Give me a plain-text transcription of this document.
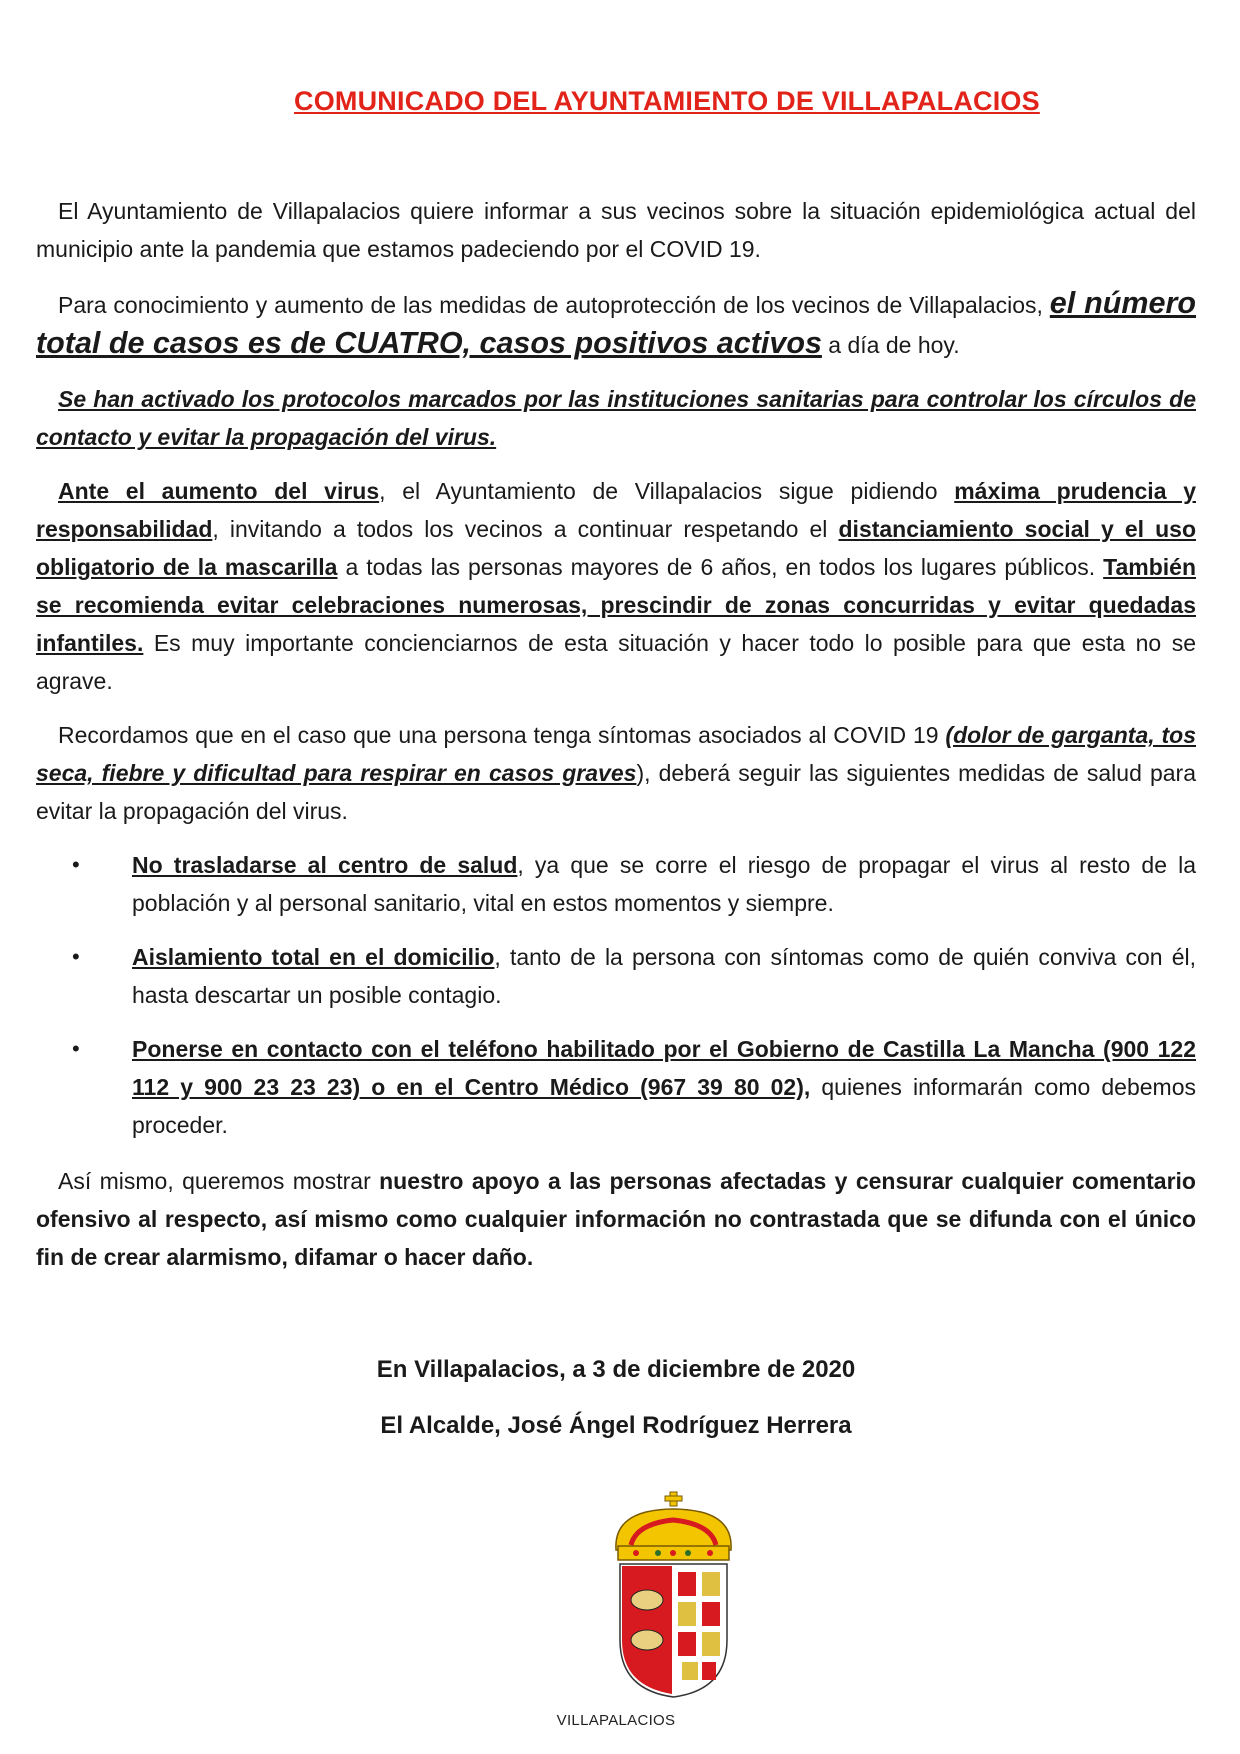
COMUNICADO DEL AYUNTAMIENTO DE VILLAPALACIOS

El Ayuntamiento de Villapalacios quiere informar a sus vecinos sobre la situación epidemiológica actual del municipio ante la pandemia que estamos padeciendo por el COVID 19.

Para conocimiento y aumento de las medidas de autoprotección de los vecinos de Villapalacios, el número total de casos es de CUATRO, casos positivos activos a día de hoy.

Se han activado los protocolos marcados por las instituciones sanitarias para controlar los círculos de contacto y evitar la propagación del virus.

Ante el aumento del virus, el Ayuntamiento de Villapalacios sigue pidiendo máxima prudencia y responsabilidad, invitando a todos los vecinos a continuar respetando el distanciamiento social y el uso obligatorio de la mascarilla a todas las personas mayores de 6 años, en todos los lugares públicos. También se recomienda evitar celebraciones numerosas, prescindir de zonas concurridas y evitar quedadas infantiles. Es muy importante concienciarnos de esta situación y hacer todo lo posible para que esta no se agrave.

Recordamos que en el caso que una persona tenga síntomas asociados al COVID 19 (dolor de garganta, tos seca, fiebre y dificultad para respirar en casos graves), deberá seguir las siguientes medidas de salud para evitar la propagación del virus.

• No trasladarse al centro de salud, ya que se corre el riesgo de propagar el virus al resto de la población y al personal sanitario, vital en estos momentos y siempre.
• Aislamiento total en el domicilio, tanto de la persona con síntomas como de quién conviva con él, hasta descartar un posible contagio.
• Ponerse en contacto con el teléfono habilitado por el Gobierno de Castilla La Mancha (900 122 112 y 900 23 23 23) o en el Centro Médico (967 39 80 02), quienes informarán como debemos proceder.

Así mismo, queremos mostrar nuestro apoyo a las personas afectadas y censurar cualquier comentario ofensivo al respecto, así mismo como cualquier información no contrastada que se difunda con el único fin de crear alarmismo, difamar o hacer daño.

En Villapalacios, a 3 de diciembre de 2020
El Alcalde, José Ángel Rodríguez Herrera
VILLAPALACIOS
